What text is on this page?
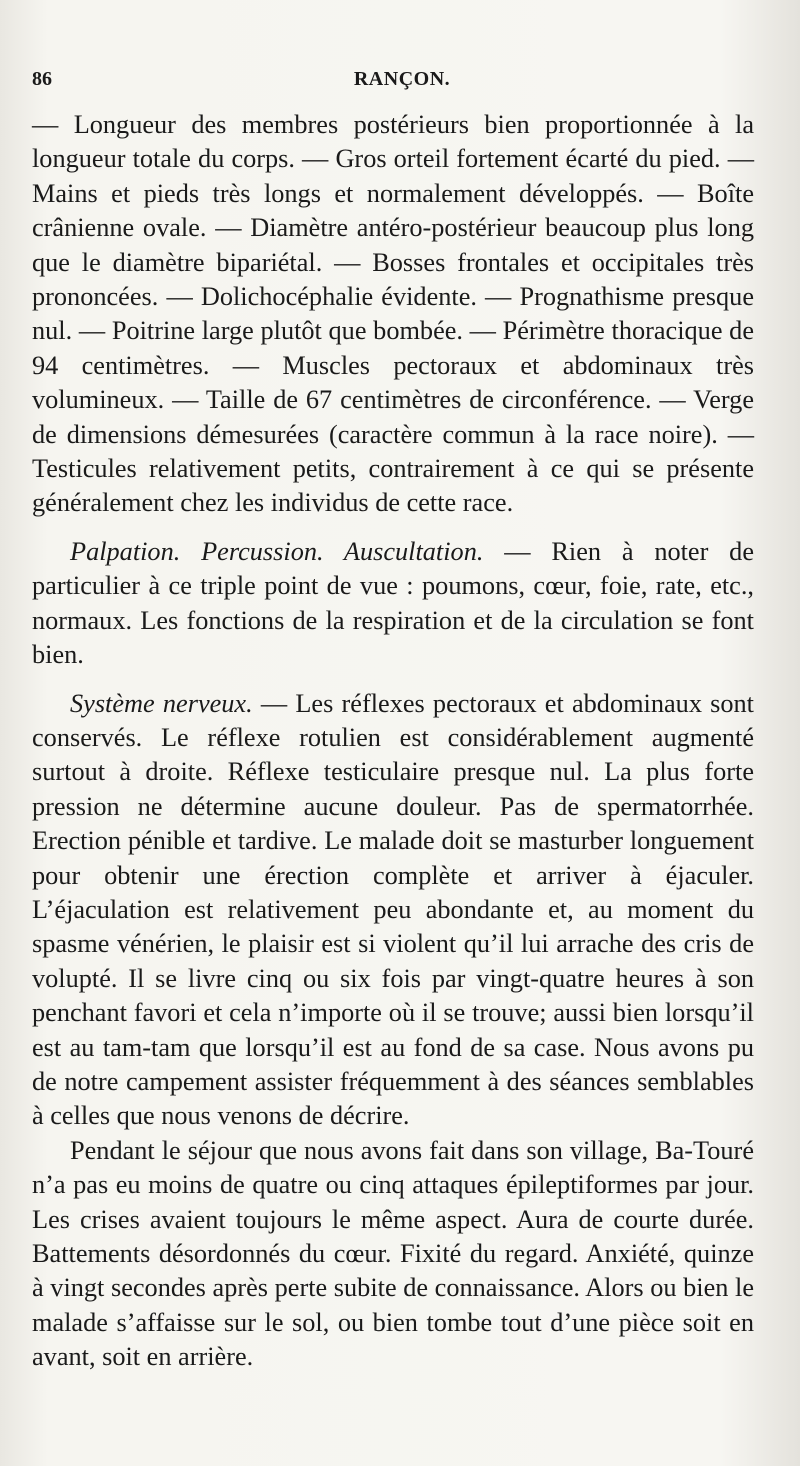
86	RANÇON.

— Longueur des membres postérieurs bien proportionnée à la longueur totale du corps. — Gros orteil fortement écarté du pied. — Mains et pieds très longs et normalement développés. — Boîte crânienne ovale. — Diamètre antéro-postérieur beaucoup plus long que le diamètre bipariétal. — Bosses frontales et occipitales très prononcées. — Dolichocéphalie évidente. — Prognathisme presque nul. — Poitrine large plutôt que bombée. — Périmètre thoracique de 94 centimètres. — Muscles pectoraux et abdominaux très volumineux. — Taille de 67 centimètres de circonférence. — Verge de dimensions démesurées (caractère commun à la race noire). — Testicules relativement petits, contrairement à ce qui se présente généralement chez les individus de cette race.

Palpation. Percussion. Auscultation. — Rien à noter de particulier à ce triple point de vue : poumons, cœur, foie, rate, etc., normaux. Les fonctions de la respiration et de la circulation se font bien.

Système nerveux. — Les réflexes pectoraux et abdominaux sont conservés. Le réflexe rotulien est considérablement augmenté surtout à droite. Réflexe testiculaire presque nul. La plus forte pression ne détermine aucune douleur. Pas de spermatorrhée. Erection pénible et tardive. Le malade doit se masturber longuement pour obtenir une érection complète et arriver à éjaculer. L’éjaculation est relativement peu abondante et, au moment du spasme vénérien, le plaisir est si violent qu’il lui arrache des cris de volupté. Il se livre cinq ou six fois par vingt-quatre heures à son penchant favori et cela n’importe où il se trouve; aussi bien lorsqu’il est au tam-tam que lorsqu’il est au fond de sa case. Nous avons pu de notre campement assister fréquemment à des séances semblables à celles que nous venons de décrire.

Pendant le séjour que nous avons fait dans son village, Ba-Touré n’a pas eu moins de quatre ou cinq attaques épileptiformes par jour. Les crises avaient toujours le même aspect. Aura de courte durée. Battements désordonnés du cœur. Fixité du regard. Anxiété, quinze à vingt secondes après perte subite de connaissance. Alors ou bien le malade s’affaisse sur le sol, ou bien tombe tout d’une pièce soit en avant, soit en arrière.
